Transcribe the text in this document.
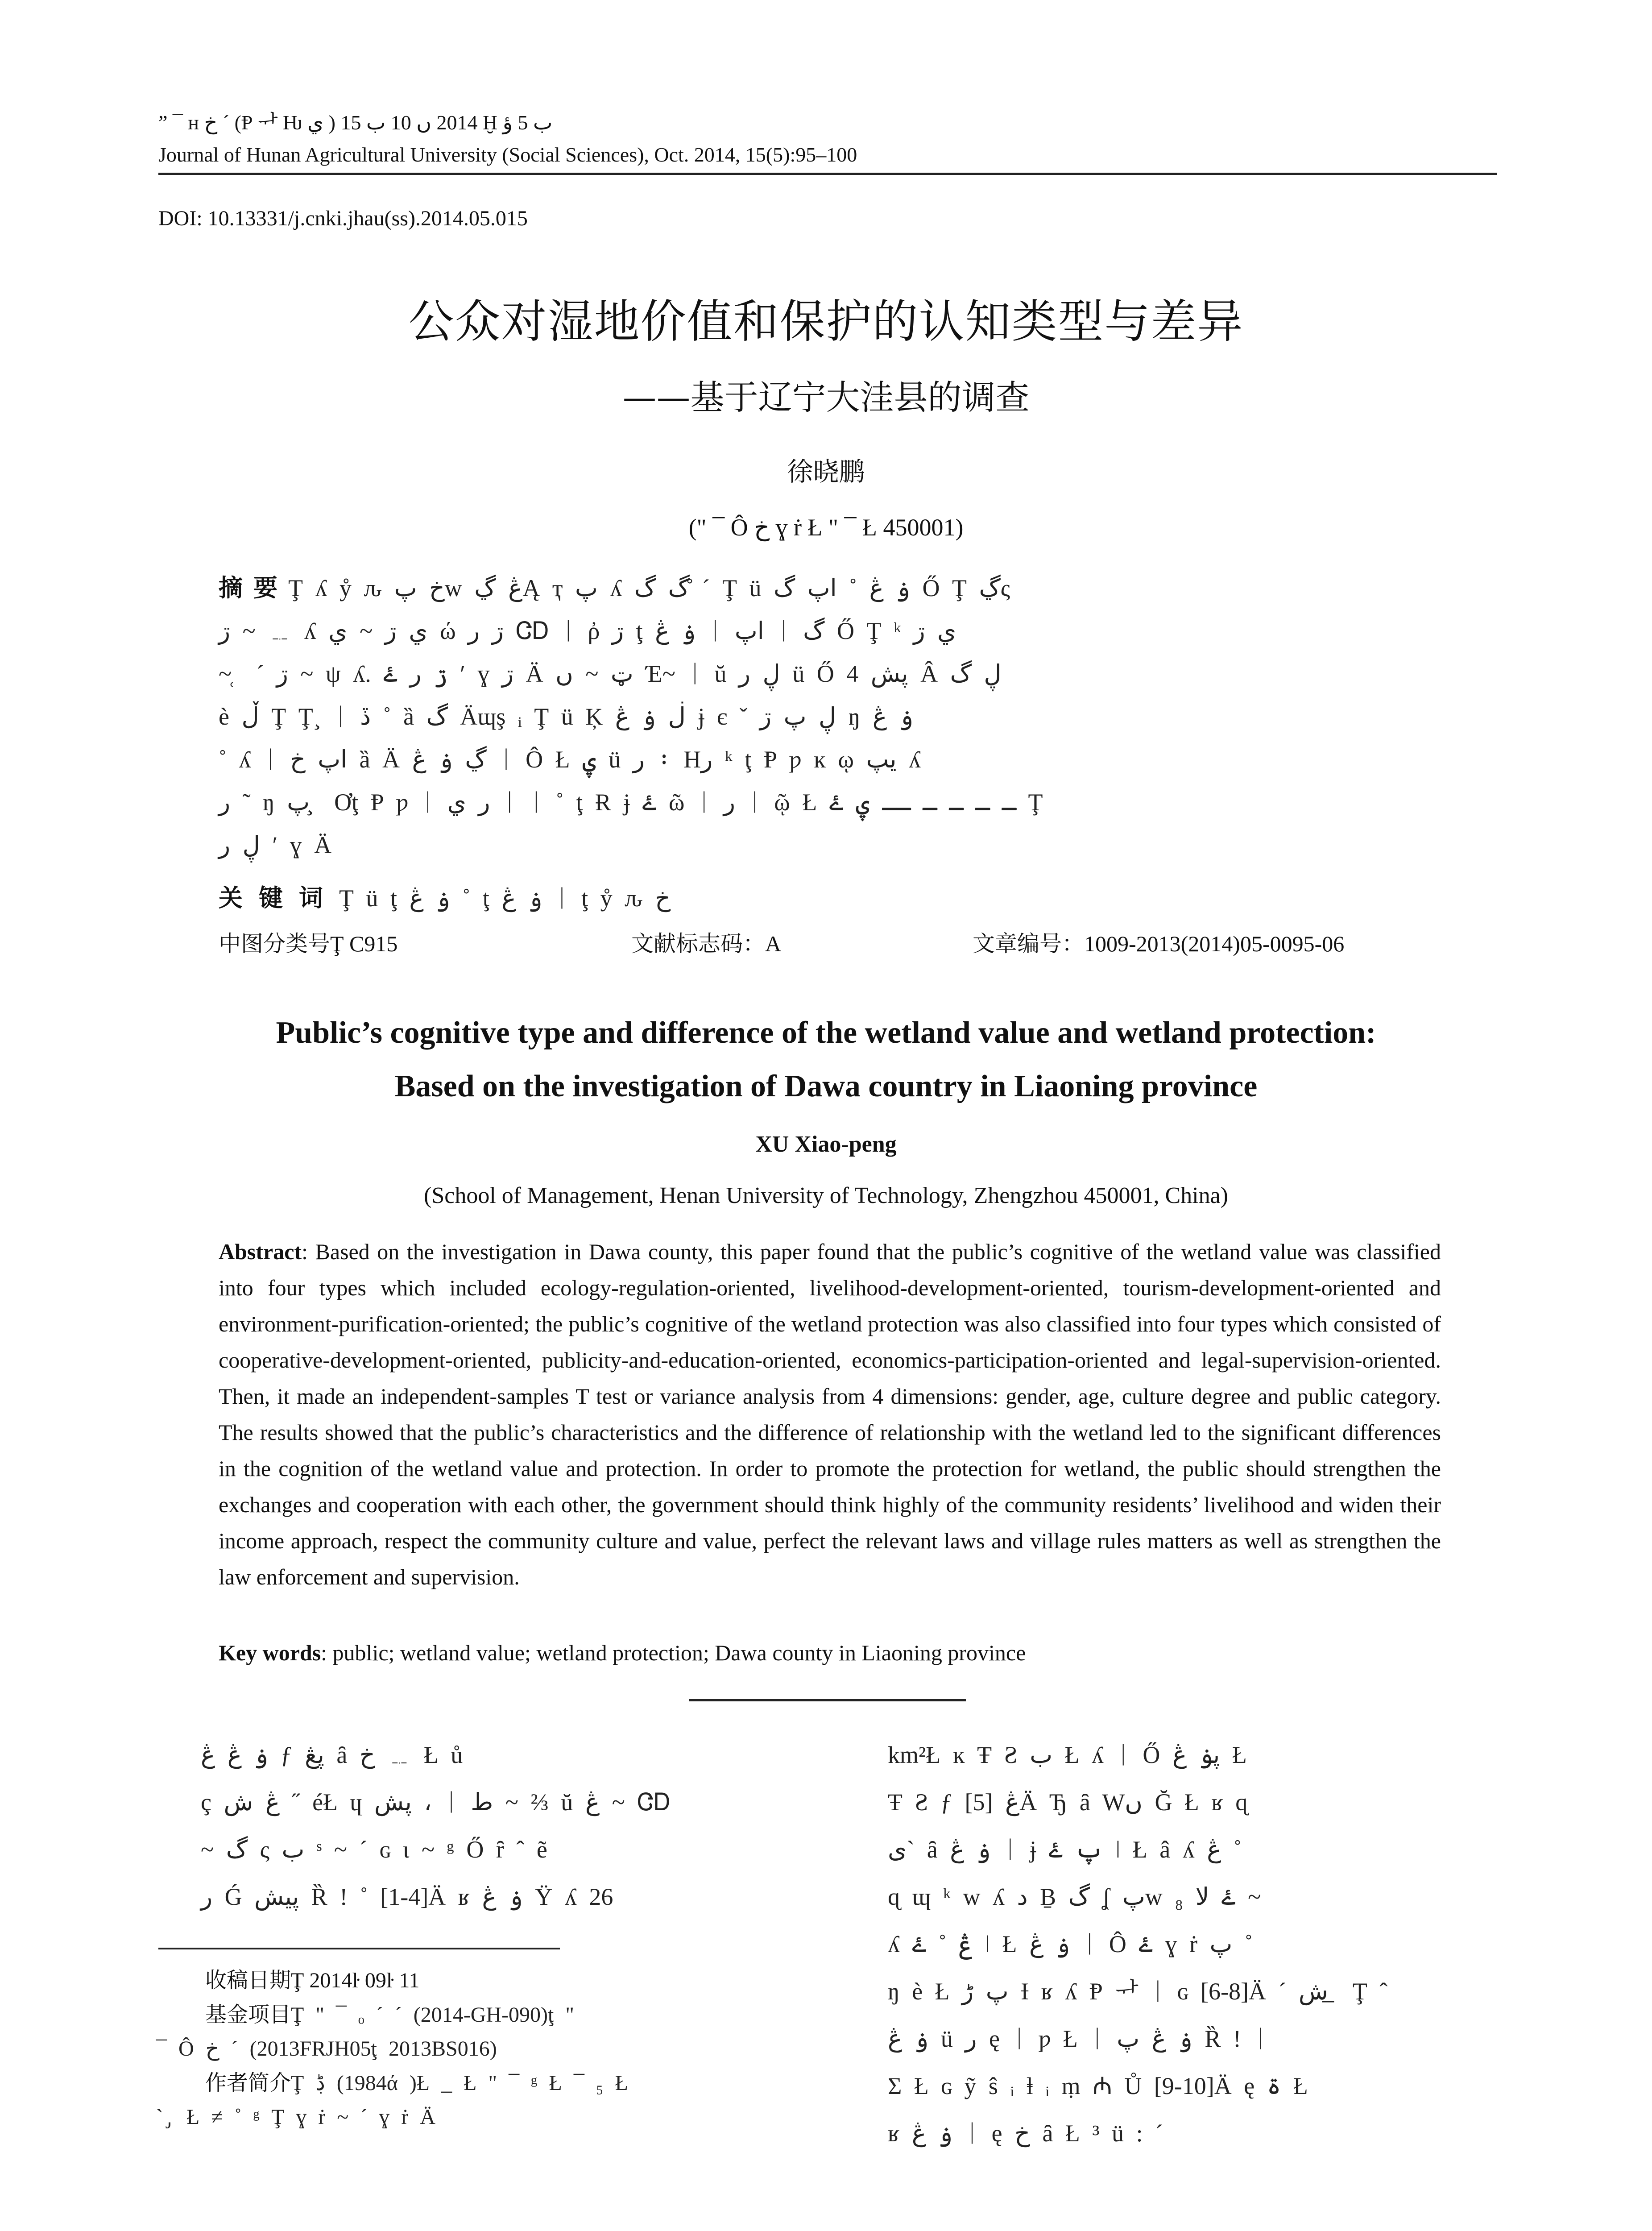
” ¯ ʜ خ ˊ (Ᵽ ᆉ Ƕ ي ) 2014 ں 10 ب 15 Ḫ ب 5 ؤ
Journal of Hunan Agricultural University (Social Sciences), Oct. 2014, 15(5):95–100
DOI: 10.13331/j.cnki.jhau(ss).2014.05.015
公众对湿地价值和保护的认知类型与差异
——基于辽宁大洼县的调查
徐晓鹏
(" ¯ Ô خ ɣ ṙ Ł " ¯ Ł 450001)
摘要Ţ ʎ ẙ ԉ خ پw ڠ ڲĄ ҭ پ ʎ گ گ ̊´ Ţ ü ۏ ڠ ˚ اپ گ Ő Ţ ڲς
ڗ ~ ﹎ ʎ ي ڗ ~ ي ώ ڗ ﺭ ᏣᎠ ᛁ ῤ ڗ ţ ۏ ڠ ᛁ اپ ᛁ گ Ő Ţ ᵏ ي ڗ
~ ̜ ˊ ڗ ~ ψ ʎ. ڗ ﺭ ۓ ʹ ɣ ڗ Ä ټ ~ ں Έ~ ᛁ ŭ ڸ ﺭ ü Ő پش 4 Â ڸ گ
è ڵ Ţ Ţ¸ ᛁ ڏ ˚ ȁ گ Äɰş ᵢ Ţ ü Ķ ڶ ۏ ڠ ɉ є ˇ ڸ پ ڗ ŋ ۏ ڠ
˚ ʎ ᛁ اپ خ ȁ Ä ڲ ۏ ڠ ᛁ Ô Ł ۑ ü ﺭ ᛬ Ηﺭ ᵏ ţ Ᵽ ƿ ĸ ῳ یپ ʎ
ﺭ ˜ ŋ پ ̧ Ơţ Ᵽ ƿ ᛁ ﺭ ي ᛁ ᛁ ˚ ţ Ɍ ɉ ۓ ῶ ᛁ ﺭ ᛁ ῷ Ł ـ ـ ـ ـ ــ ۑ ۓ Ţ
ڸ ﺭ ʹ ɣ Ä
关键词Ţ ü ţ ۏ ڠ ˚ ţ ۏ ڠ ᛁ ţ ẙ ԉ خ
中图分类号Ţ C915	文献标志码：A	文章编号：1009-2013(2014)05-0095-06
Public’s cognitive type and difference of the wetland value and wetland protection:
Based on the investigation of Dawa country in Liaoning province
XU Xiao-peng
(School of Management, Henan University of Technology, Zhengzhou 450001, China)
Abstract: Based on the investigation in Dawa county, this paper found that the public’s cognitive of the wetland value was classified into four types which included ecology-regulation-oriented, livelihood-development-oriented, tourism-development-oriented and environment-purification-oriented; the public’s cognitive of the wetland protection was also classified into four types which consisted of cooperative-development-oriented, publicity-and-education-oriented, economics-participation-oriented and legal-supervision-oriented. Then, it made an independent-samples T test or variance analysis from 4 dimensions: gender, age, culture degree and public category. The results showed that the public’s characteristics and the difference of relationship with the wetland led to the significant differences in the cognition of the wetland value and protection. In order to promote the protection for wetland, the public should strengthen the exchanges and cooperation with each other, the government should think highly of the community residents’ livelihood and widen their income approach, respect the community culture and value, perfect the relevant laws and village rules matters as well as strengthen the law enforcement and supervision.
Key words: public; wetland value; wetland protection; Dawa county in Liaoning province
ۏ ڠ ڠ ƒ پڠ ȃ خ ﹎ Ł ů
ç ڠ ش ˝ éŁ ɥ پش ، ᛁ ط ~ ⅔ ŭ ڠ ~ ᏣᎠ
~ گ ς ب ˢ ~ ˊ ɢ ι ~ ᵍ Ő ȓ ˆ ẽ
ﺭ Ǵ پیش Ȑ ǃ ˚ [1-4]Ä ʁ ۏ ڠ Ÿ ʎ 26
km²Ł ĸ Ŧ Ƨ ب Ł ʎ ᛁ Ő پۏ ڠ Ł
Ŧ Ƨ ƒ ڠ [5]Ä Ђ ȃ Wں Ğ Ł ʁ ɋ
ی` ȃ ۏ ڠ ᛁ ɉ پ ۓ ǀ Ł â ʎ ڠ ˚
ɋ ɰ ᵏ w ʎ ﺩ Ḇ گ ʆ پw ₈ ۓ ﻻ ~
ʎ ڠ ˚ ۓ ǀ Ł ۏ ڠ ᛁ Ô ۓ ɣ ṙ پ ˚
ŋ è Ł پ ڑ Ɨ ʁ ʎ Ᵽ ᆉ ᛁ ɢ [6-8]Ä ˊ ش ̲ Ţ ˆ
ۏ ڠ ü ﺭ ę ᛁ ƿ Ł ᛁ ۏ ڠ پ Ȑ ǃ ᛁ
Σ Ł ɢ ỹ ŝ ᵢ ⱡ ᵢ ṃ ₼ Ů [9-10]Ä ę ۃ Ł
ʁ ۏ ڠ ᛁ ę خ ȃ Ł ³ ü : ˊ
收稿日期Ţ 2014ŀ 09ŀ 11
基金项目Ţ " ¯ ₒ ´ ˊ (2014-GH-090)ţ "
¯ Ô خ ˊ (2013FRJH05ţ 2013BS016)
作者简介Ţ ڋ (1984ά )Ł _ Ł " ¯ ᵍ Ł ¯ ₅ Ł
` ̡ Ł ≠ ˚ ᵍ Ţ ɣ ṙ ~ ˊ ɣ ṙ Ä
